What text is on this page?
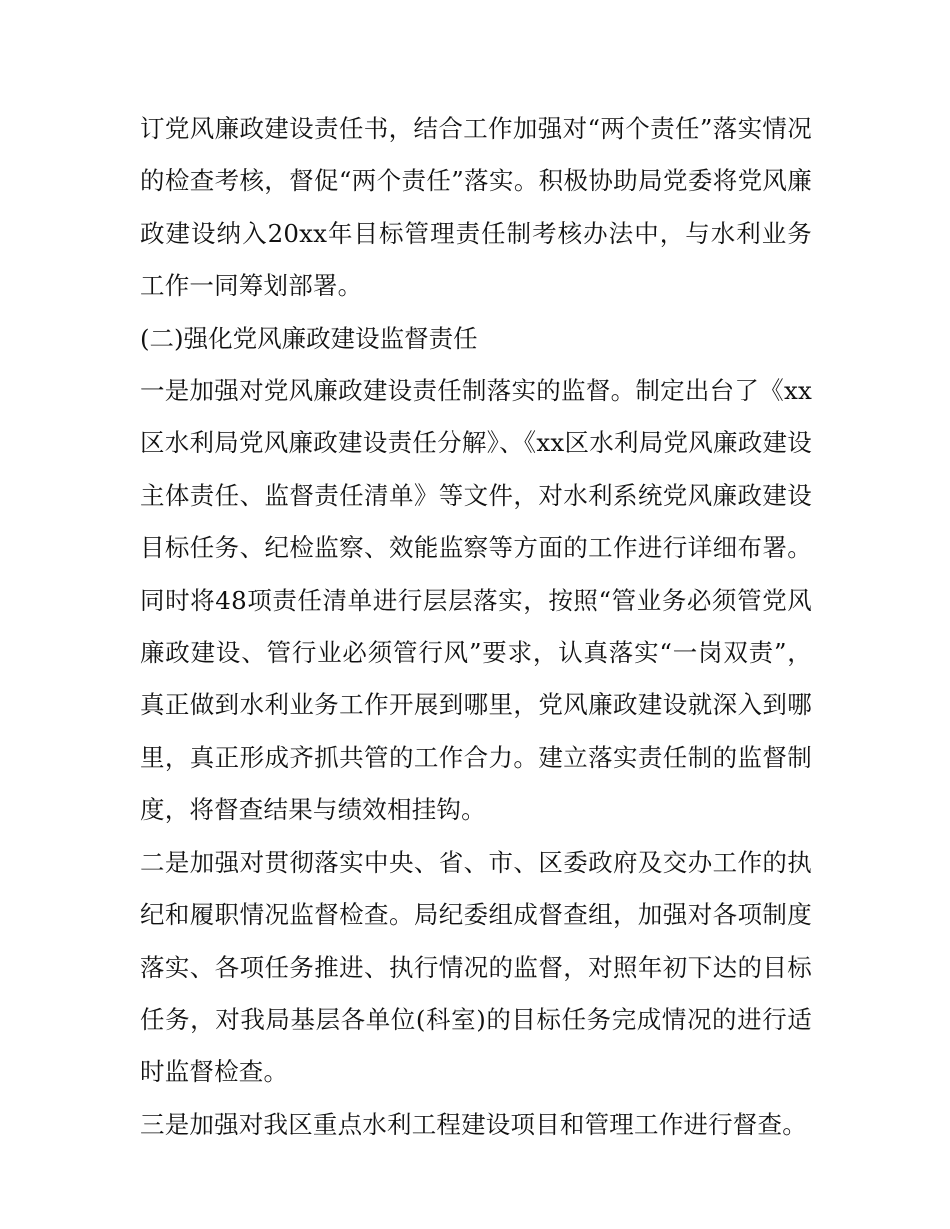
订党风廉政建设责任书，结合工作加强对“两个责任”落实情况的检查考核，督促“两个责任”落实。积极协助局党委将党风廉政建设纳入20xx年目标管理责任制考核办法中，与水利业务工作一同筹划部署。

(二)强化党风廉政建设监督责任

一是加强对党风廉政建设责任制落实的监督。制定出台了《xx区水利局党风廉政建设责任分解》、《xx区水利局党风廉政建设主体责任、监督责任清单》等文件，对水利系统党风廉政建设目标任务、纪检监察、效能监察等方面的工作进行详细布署。同时将48项责任清单进行层层落实，按照“管业务必须管党风廉政建设、管行业必须管行风”要求，认真落实“一岗双责”，真正做到水利业务工作开展到哪里，党风廉政建设就深入到哪里，真正形成齐抓共管的工作合力。建立落实责任制的监督制度，将督查结果与绩效相挂钩。

二是加强对贯彻落实中央、省、市、区委政府及交办工作的执纪和履职情况监督检查。局纪委组成督查组，加强对各项制度落实、各项任务推进、执行情况的监督，对照年初下达的目标任务，对我局基层各单位(科室)的目标任务完成情况的进行适时监督检查。

三是加强对我区重点水利工程建设项目和管理工作进行督查。
